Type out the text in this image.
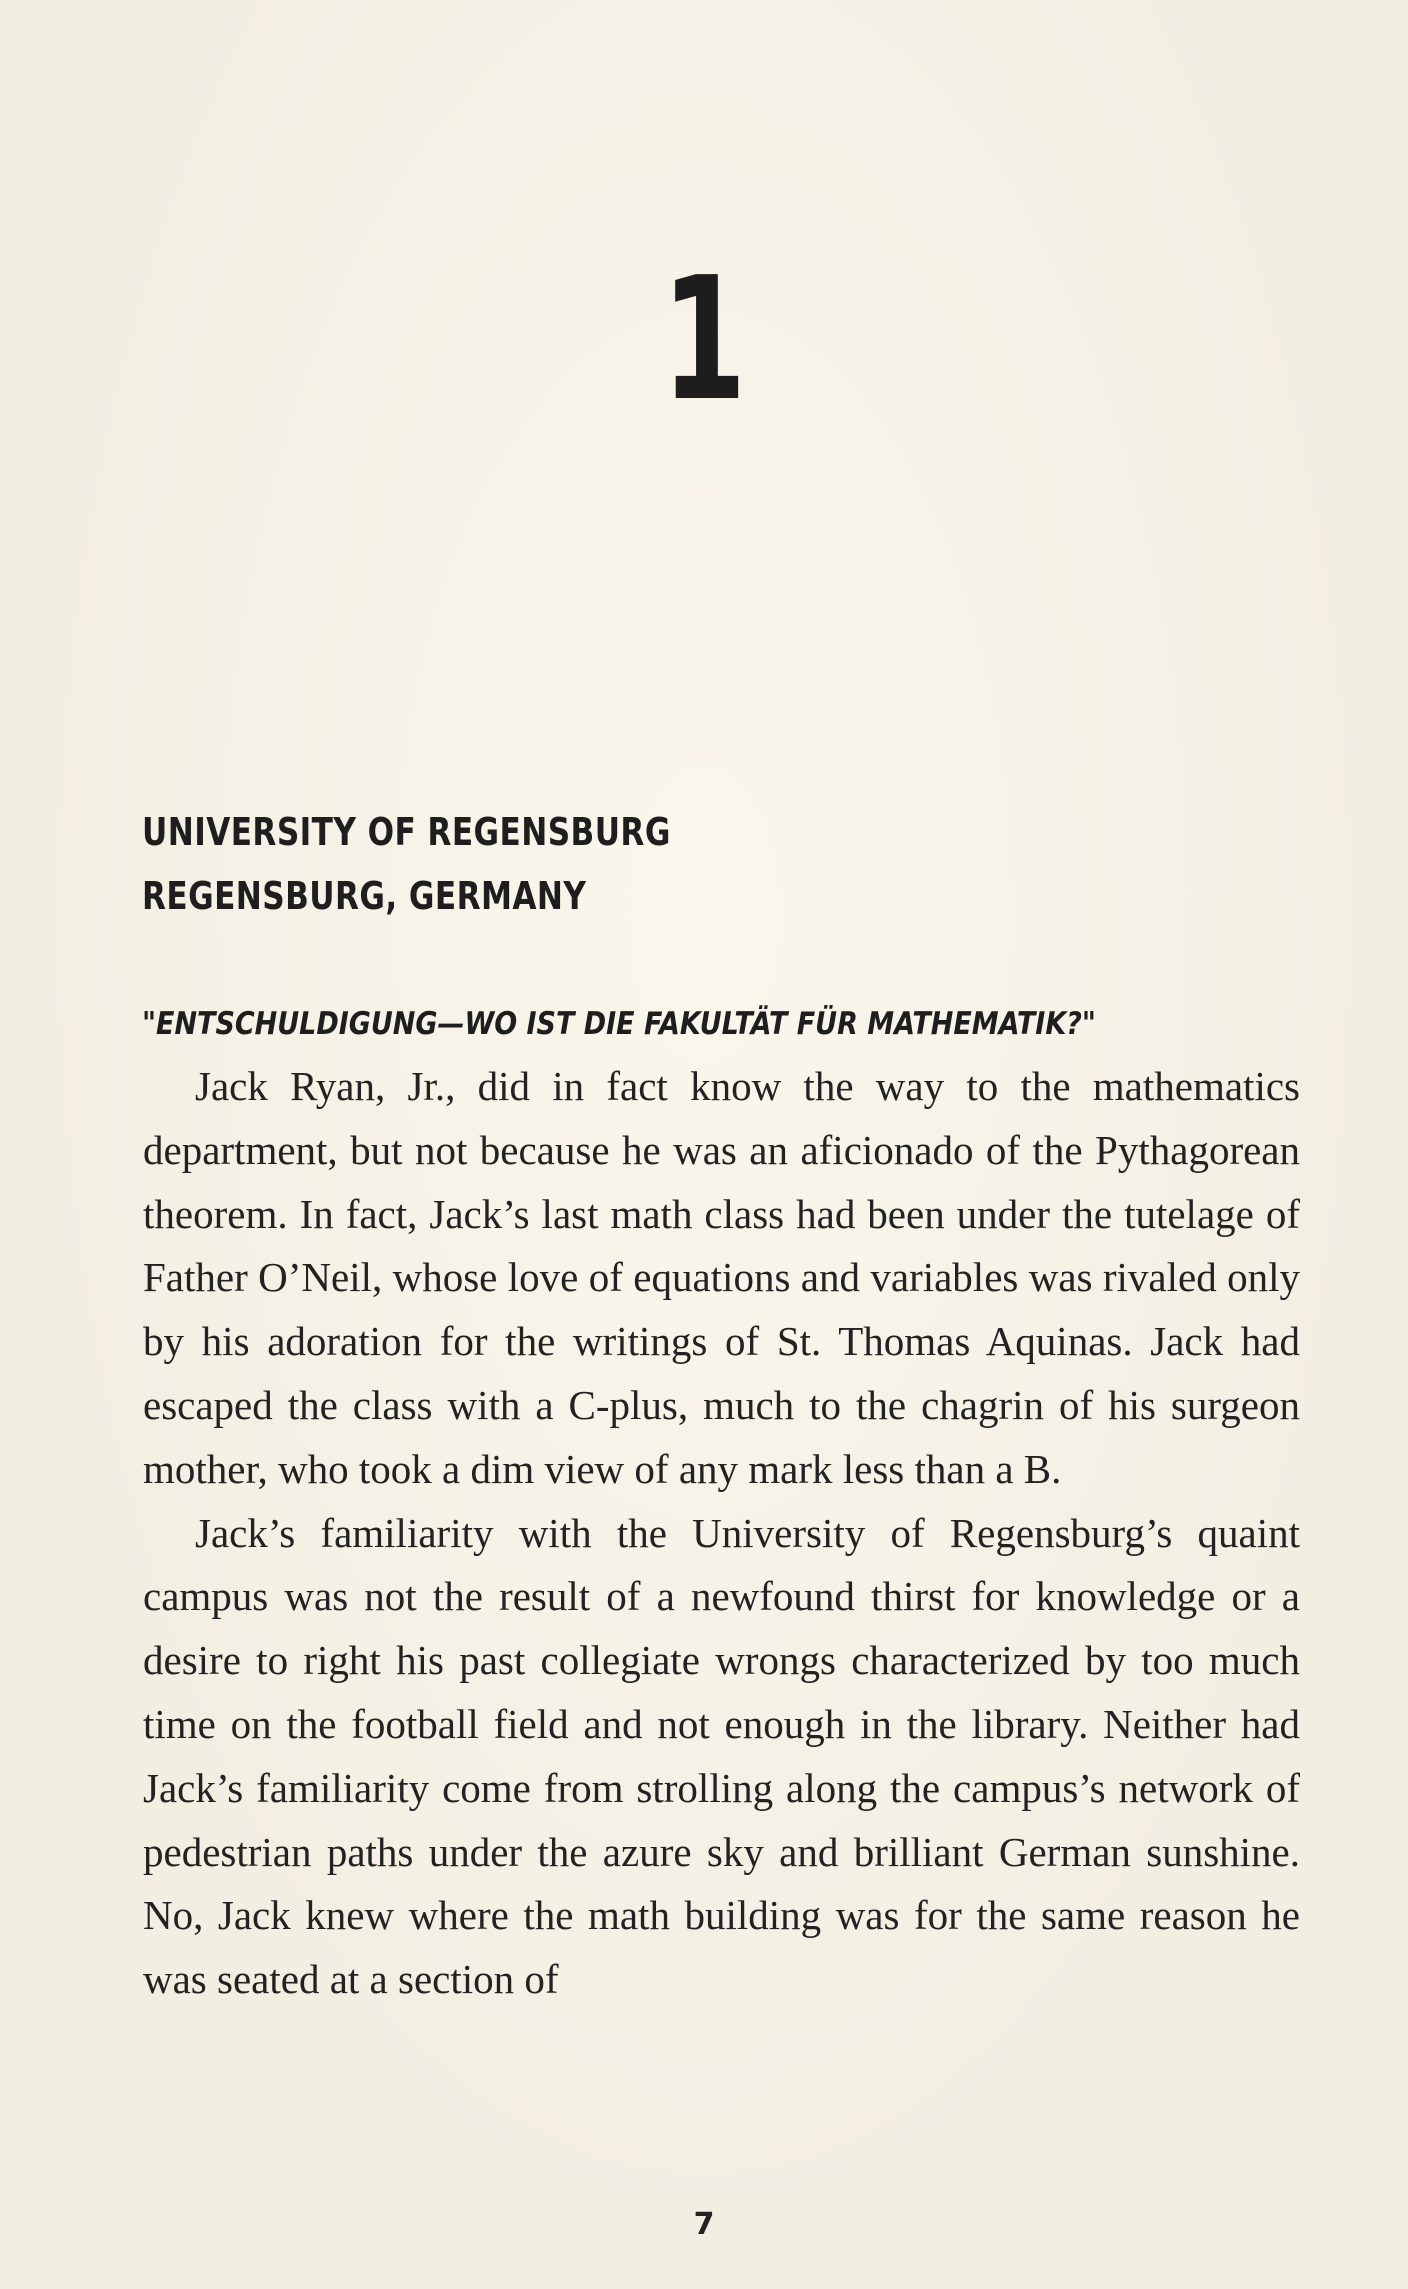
1
UNIVERSITY OF REGENSBURG
REGENSBURG, GERMANY
"ENTSCHULDIGUNG—WO IST DIE FAKULTÄT FÜR MATHEMATIK?"

Jack Ryan, Jr., did in fact know the way to the mathematics department, but not because he was an aficionado of the Pythagorean theorem. In fact, Jack’s last math class had been under the tutelage of Father O’Neil, whose love of equations and variables was rivaled only by his adoration for the writings of St. Thomas Aquinas. Jack had escaped the class with a C-plus, much to the chagrin of his surgeon mother, who took a dim view of any mark less than a B.

Jack’s familiarity with the University of Regensburg’s quaint campus was not the result of a newfound thirst for knowledge or a desire to right his past collegiate wrongs characterized by too much time on the football field and not enough in the library. Neither had Jack’s familiarity come from strolling along the campus’s network of pedestrian paths under the azure sky and brilliant German sunshine. No, Jack knew where the math building was for the same reason he was seated at a section of

7
